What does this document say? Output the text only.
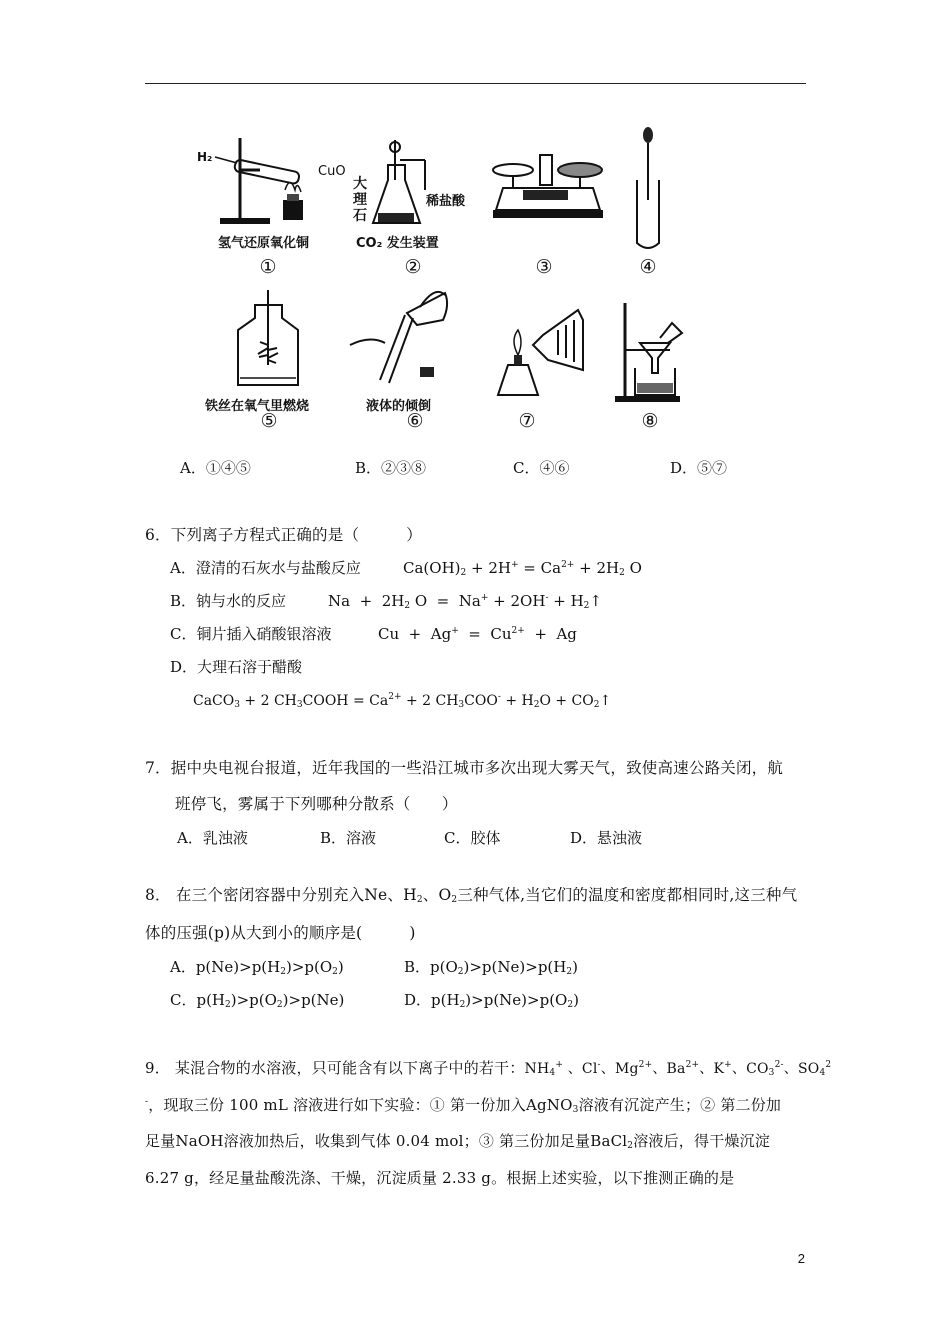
H₂
CuO
氢气还原氧化铜
①
大
理
石
稀盐酸
CO₂ 发生装置
②	③	④
铁丝在氧气里燃烧
⑤
液体的倾倒
⑥	⑦	⑧
A．①④⑤	B．②③⑧	C．④⑥	D．⑤⑦
6．下列离子方程式正确的是（　　　）
A．澄清的石灰水与盐酸反应	$Ca(OH)_2 + 2H^+ = Ca^{2+} + 2H_2$ O
B．钠与水的反应	$Na + 2H_2$ $O = Na^+ + 2OH^- + H_2↑$
C．铜片插入硝酸银溶液	$Cu + Ag^+ = Cu^{2+} + Ag$
D．大理石溶于醋酸
CaCO$_3$ + 2 $CH_3COOH = Ca^{2+} + 2$ $CH_3COO^- + H_2O$ + $CO_2↑$
7．据中央电视台报道，近年我国的一些沿江城市多次出现大雾天气，致使高速公路关闭，航
班停飞，雾属于下列哪种分散系（　　）
A．乳浊液	B．溶液	C．胶体	D．悬浊液
8． 在三个密闭容器中分别充入Ne、$H_2$、$O_2$三种气体,当它们的温度和密度都相同时,这三种气
体的压强(p)从大到小的顺序是(　　　)
A．$p(Ne)>p(H_2)>p(O_2)$	B．$p(O_2)>p(Ne)>p(H_2)$
C．$p(H_2)>p(O_2)>p(Ne)$	D．$p(H_2)>p(Ne)>p(O_2)$
9． 某混合物的水溶液，只可能含有以下离子中的若干：$NH_4^+$ 、Cl-、$Mg^{2+}$、$Ba^{2+}$、K+、$CO_3^{2-}$、$SO_4^2$
-，现取三份 100 mL 溶液进行如下实验：① 第一份加入AgNO$_3$溶液有沉淀产生；② 第二份加
足量NaOH溶液加热后，收集到气体 0.04 mol；③ 第三份加足量BaCl$_2$溶液后，得干燥沉淀
6.27 g，经足量盐酸洗涤、干燥，沉淀质量 2.33 g。根据上述实验，以下推测正确的是
2
